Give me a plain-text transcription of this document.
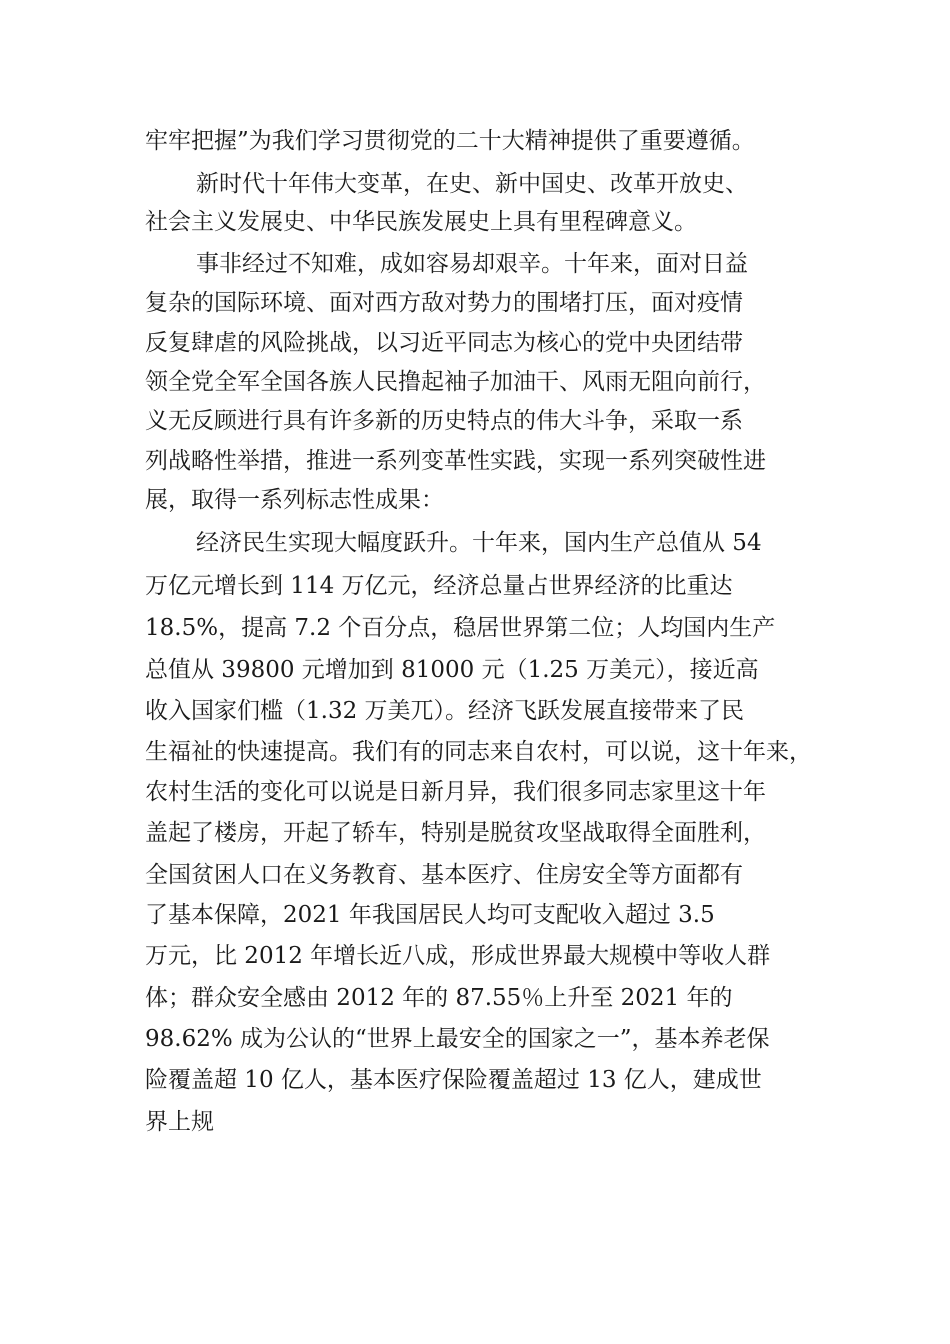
牢牢把握”为我们学习贯彻党的二十大精神提供了重要遵循。
新时代十年伟大变革，在史、新中国史、改革开放史、
社会主义发展史、中华民族发展史上具有里程碑意义。
事非经过不知难，成如容易却艰辛。十年来，面对日益
复杂的国际环境、面对西方敌对势力的围堵打压，面对疫情
反复肆虐的风险挑战，以习近平同志为核心的党中央团结带
领全党全军全国各族人民撸起袖子加油干、风雨无阻向前行，
义无反顾进行具有许多新的历史特点的伟大斗争，采取一系
列战略性举措，推进一系列变革性实践，实现一系列突破性进
展，取得一系列标志性成果：
经济民生实现大幅度跃升。十年来，国内生产总值从 54
万亿元增长到 114 万亿元，经济总量占世界经济的比重达
18.5%，提高 7.2 个百分点，稳居世界第二位；人均国内生产
总值从 39800 元增加到 81000 元（1.25 万美元），接近高
收入国家们槛（1.32 万美兀）。经济飞跃发展直接带来了民
生福祉的快速提高。我们有的同志来自农村，可以说，这十年来，
农村生活的变化可以说是日新月异，我们很多同志家里这十年
盖起了楼房，开起了轿车，特别是脱贫攻坚战取得全面胜利，
全国贫困人口在义务教育、基本医疗、住房安全等方面都有
了基本保障，2021 年我国居民人均可支配收入超过 3.5
万元，比 2012 年增长近八成，形成世界最大规模中等收人群
体；群众安全感由 2012 年的 87.55％上升至 2021 年的
98.62% 成为公认的“世界上最安全的国家之一”，基本养老保
险覆盖超 10 亿人，基本医疗保险覆盖超过 13 亿人，建成世
界上规
